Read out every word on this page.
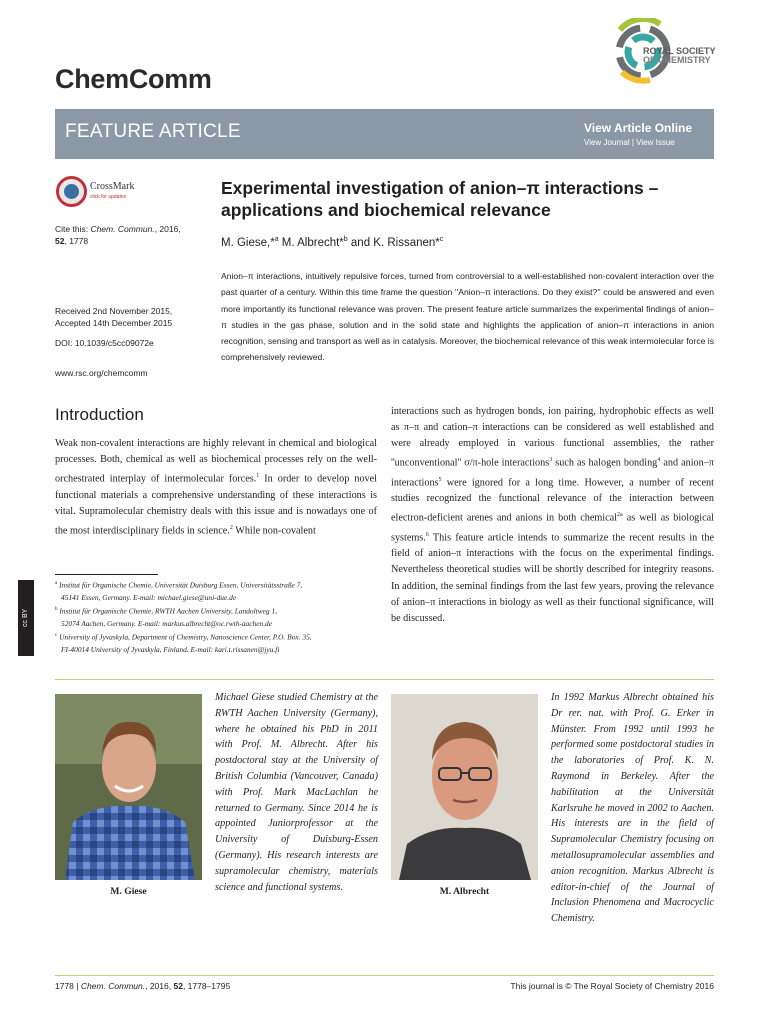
ChemComm
ROYAL SOCIETY
OF CHEMISTRY
FEATURE ARTICLE	View Article Online
View Journal | View Issue
CrossMark
click for updates
Cite this: Chem. Commun., 2016,
52, 1778
Received 2nd November 2015,
Accepted 14th December 2015
DOI: 10.1039/c5cc09072e
www.rsc.org/chemcomm
Experimental investigation of anion–π interactions – applications and biochemical relevance
M. Giese,*$^a$ M. Albrecht*$^b$ and K. Rissanen*$^c$
Anion–π interactions, intuitively repulsive forces, turned from controversial to a well-established non-covalent interaction over the past quarter of a century. Within this time frame the question ''Anion–π interactions. Do they exist?'' could be answered and even more importantly its functional relevance was proven. The present feature article summarizes the experimental findings of anion–π studies in the gas phase, solution and in the solid state and highlights the application of anion–π interactions in anion recognition, sensing and transport as well as in catalysis. Moreover, the biochemical relevance of this weak intermolecular force is comprehensively reviewed.
Introduction
Weak non-covalent interactions are highly relevant in chemical and biological processes. Both, chemical as well as biochemical processes rely on the well-orchestrated interplay of intermolecular forces.$^1$ In order to develop novel functional materials a comprehensive understanding of these interactions is vital. Supramolecular chemistry deals with this issue and is nowadays one of the most interdisciplinary fields in science.$^2$ While non-covalent
interactions such as hydrogen bonds, ion pairing, hydrophobic effects as well as π–π and cation–π interactions can be considered as well established and were already employed in various functional assemblies, the rather ''unconventional'' σ/π-hole interactions$^3$ such as halogen bonding$^4$ and anion–π interactions$^5$ were ignored for a long time. However, a number of recent studies recognized the functional relevance of the interaction between electron-deficient arenes and anions in both chemical$^{2a}$ as well as biological systems.$^6$ This feature article intends to summarize the recent results in the field of anion–π interactions with the focus on the experimental findings. Nevertheless theoretical studies will be shortly described for integrity reasons. In addition, the seminal findings from the last few years, proving the relevance of anion–π interactions in biology as well as their functional significance, will be discussed.
$^a$ Institut für Organische Chemie, Universität Duisburg Essen, Universitätsstraße 7,
45141 Essen, Germany. E-mail: michael.giese@uni-due.de
$^b$ Institut für Organische Chemie, RWTH Aachen University, Landoltweg 1,
52074 Aachen, Germany. E-mail: markus.albrecht@oc.rwth-aachen.de
$^c$ University of Jyvaskyla, Department of Chemistry, Nanoscience Center, P.O. Box. 35,
FI-40014 University of Jyvaskyla, Finland. E-mail: kari.t.rissanen@jyu.fi
cc BY
M. Giese
Michael Giese studied Chemistry at the RWTH Aachen University (Germany), where he obtained his PhD in 2011 with Prof. M. Albrecht. After his postdoctoral stay at the University of British Columbia (Vancouver, Canada) with Prof. Mark MacLachlan he returned to Germany. Since 2014 he is appointed Juniorprofessor at the University of Duisburg-Essen (Germany). His research interests are supramolecular chemistry, materials science and functional systems.	M. Albrecht
In 1992 Markus Albrecht obtained his Dr rer. nat. with Prof. G. Erker in Münster. From 1992 until 1993 he performed some postdoctoral studies in the laboratories of Prof. K. N. Raymond in Berkeley. After the habilitation at the Universität Karlsruhe he moved in 2002 to Aachen. His interests are in the field of Supramolecular Chemistry focusing on metallosupramolecular assemblies and anion recognition. Markus Albrecht is editor-in-chief of the Journal of Inclusion Phenomena and Macrocyclic Chemistry.
1778 | Chem. Commun., 2016, 52, 1778–1795	This journal is © The Royal Society of Chemistry 2016
